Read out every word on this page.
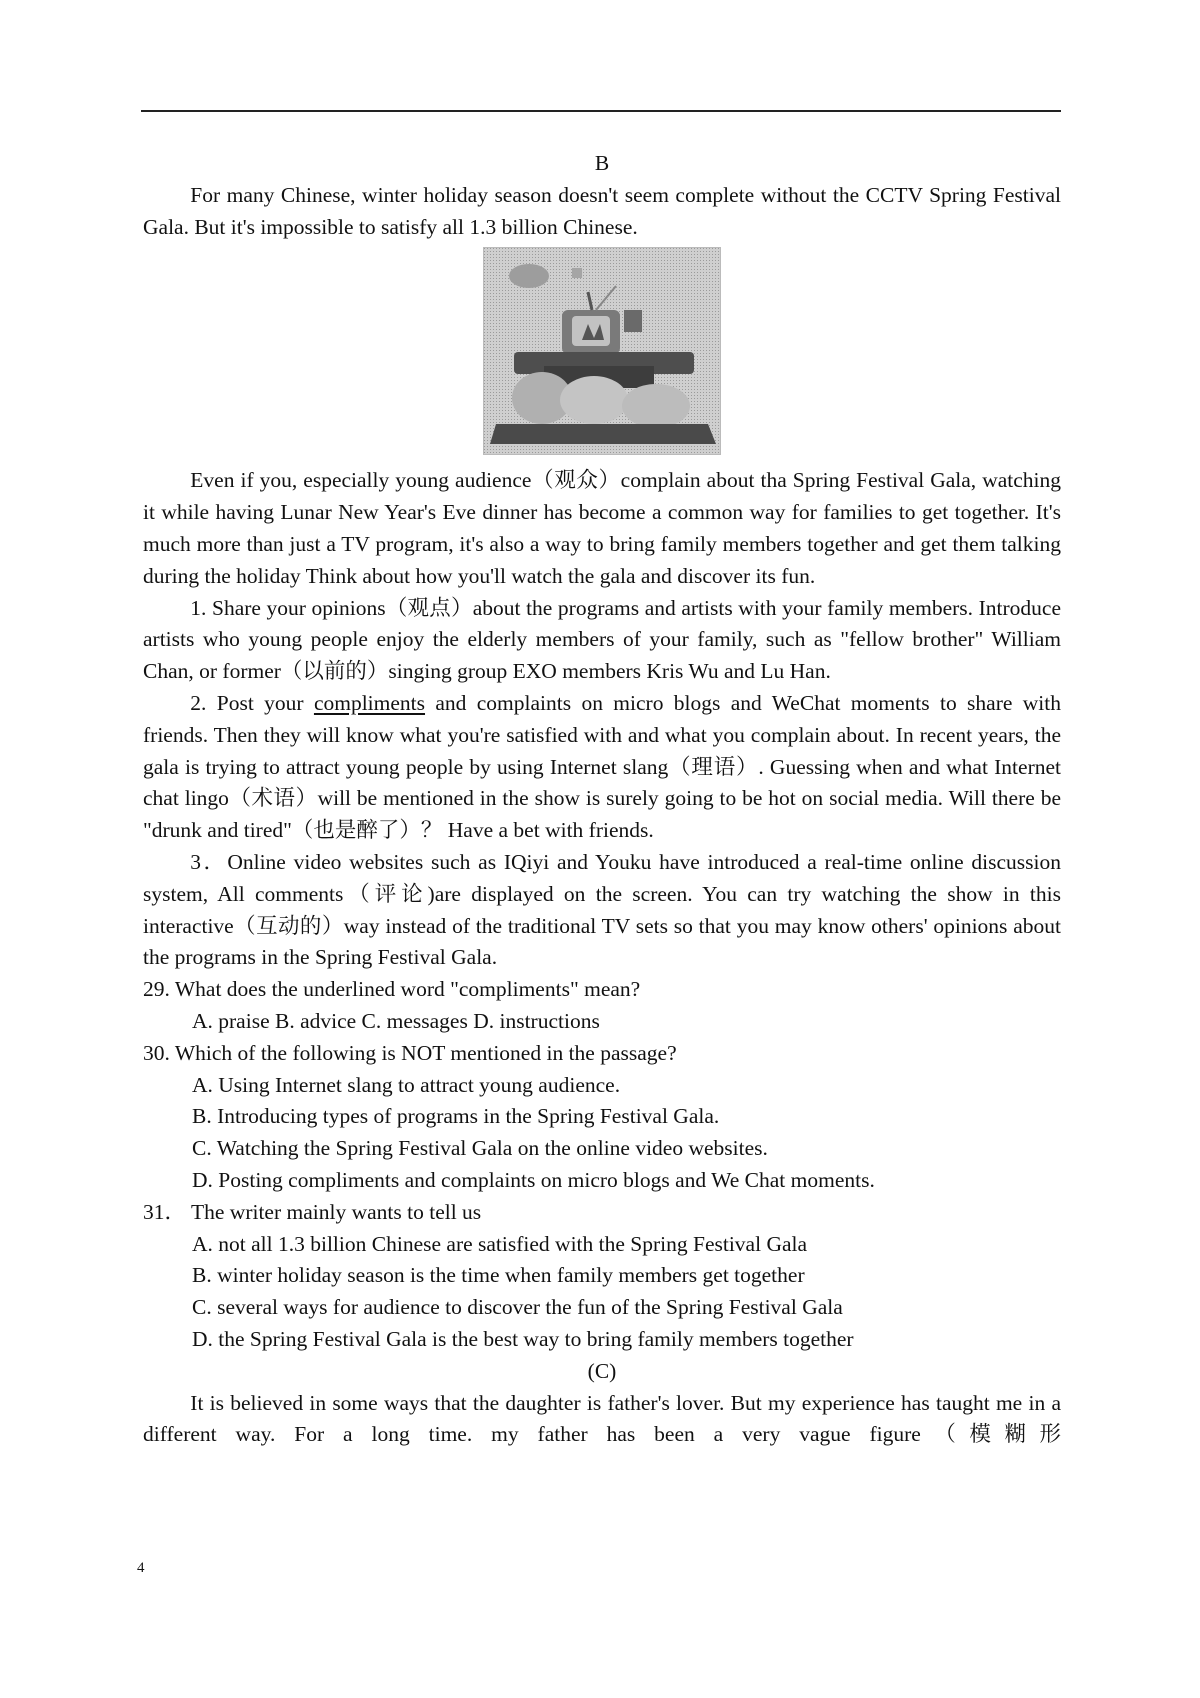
B

For many Chinese, winter holiday season doesn't seem complete without the CCTV Spring Festival Gala. But it's impossible to satisfy all 1.3 billion Chinese.

Even if you, especially young audience（观众）complain about tha Spring Festival Gala, watching it while having Lunar New Year's Eve dinner has become a common way for families to get together. It's much more than just a TV program, it's also a way to bring family members together and get them talking during the holiday Think about how you'll watch the gala and discover its fun.

1. Share your opinions（观点）about the programs and artists with your family members. Introduce artists who young people enjoy the elderly members of your family, such as "fellow brother" William Chan, or former（以前的）singing group EXO members Kris Wu and Lu Han.

2. Post your compliments and complaints on micro blogs and WeChat moments to share with friends. Then they will know what you're satisfied with and what you complain about. In recent years, the gala is trying to attract young people by using Internet slang（理语）. Guessing when and what Internet chat lingo（术语）will be mentioned in the show is surely going to be hot on social media. Will there be "drunk and tired"（也是醉了）？ Have a bet with friends.

3．Online video websites such as IQiyi and Youku have introduced a real-time online discussion system, All comments（评论)are displayed on the screen. You can try watching the show in this interactive（互动的）way instead of the traditional TV sets so that you may know others' opinions about the programs in the Spring Festival Gala.

29. What does the underlined word "compliments" mean?

A. praise B. advice C. messages D. instructions

30. Which of the following is NOT mentioned in the passage?

A. Using Internet slang to attract young audience.

B. Introducing types of programs in the Spring Festival Gala.

C. Watching the Spring Festival Gala on the online video websites.

D. Posting compliments and complaints on micro blogs and We Chat moments.

31． The writer mainly wants to tell us

A. not all 1.3 billion Chinese are satisfied with the Spring Festival Gala

B. winter holiday season is the time when family members get together

C. several ways for audience to discover the fun of the Spring Festival Gala

D. the Spring Festival Gala is the best way to bring family members together

(C)

It is believed in some ways that the daughter is father's lover. But my experience has taught me in a different way. For a long time. my father has been a very vague figure（模糊形

4
